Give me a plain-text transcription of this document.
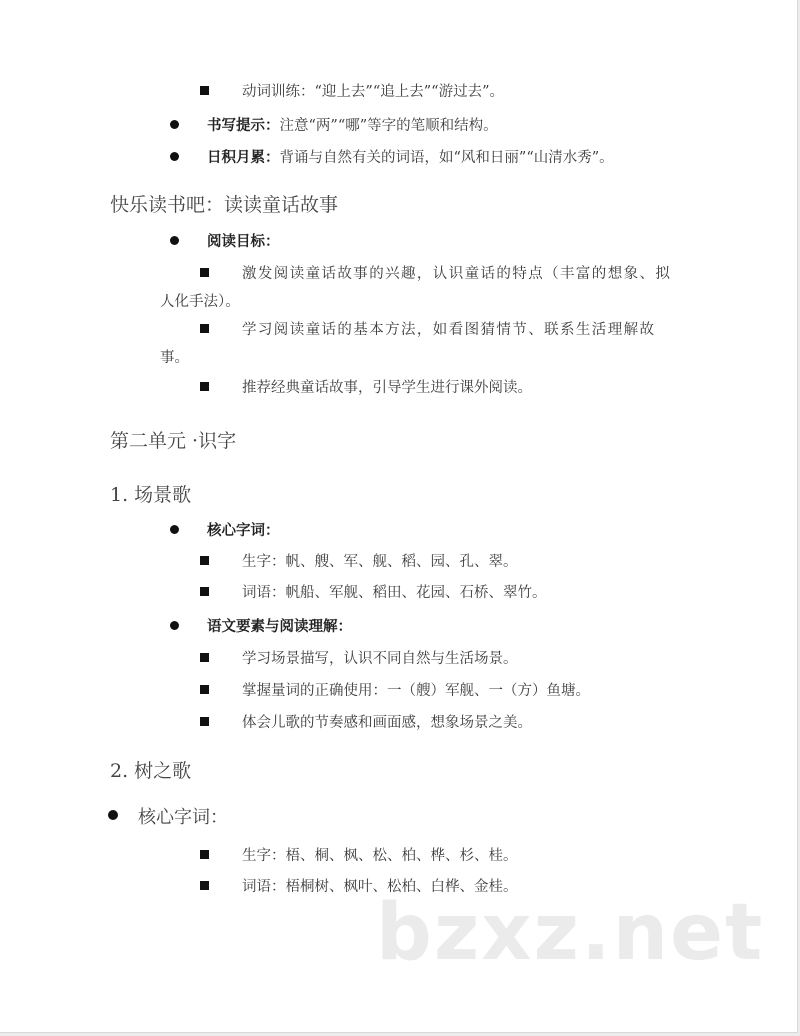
动词训练：“迎上去”“追上去”“游过去”。
书写提示：注意“两”“哪”等字的笔顺和结构。
日积月累：背诵与自然有关的词语，如“风和日丽”“山清水秀”。
快乐读书吧：读读童话故事
阅读目标：
激发阅读童话故事的兴趣，认识童话的特点（丰富的想象、拟
人化手法）。
学习阅读童话的基本方法，如看图猜情节、联系生活理解故
事。
推荐经典童话故事，引导学生进行课外阅读。
第二单元 ·识字
1. 场景歌
核心字词：
生字：帆、艘、军、舰、稻、园、孔、翠。
词语：帆船、军舰、稻田、花园、石桥、翠竹。
语文要素与阅读理解：
学习场景描写，认识不同自然与生活场景。
掌握量词的正确使用：一（艘）军舰、一（方）鱼塘。
体会儿歌的节奏感和画面感，想象场景之美。
2. 树之歌
核心字词：
生字：梧、桐、枫、松、柏、桦、杉、桂。
词语：梧桐树、枫叶、松柏、白桦、金桂。
bzxz.net
